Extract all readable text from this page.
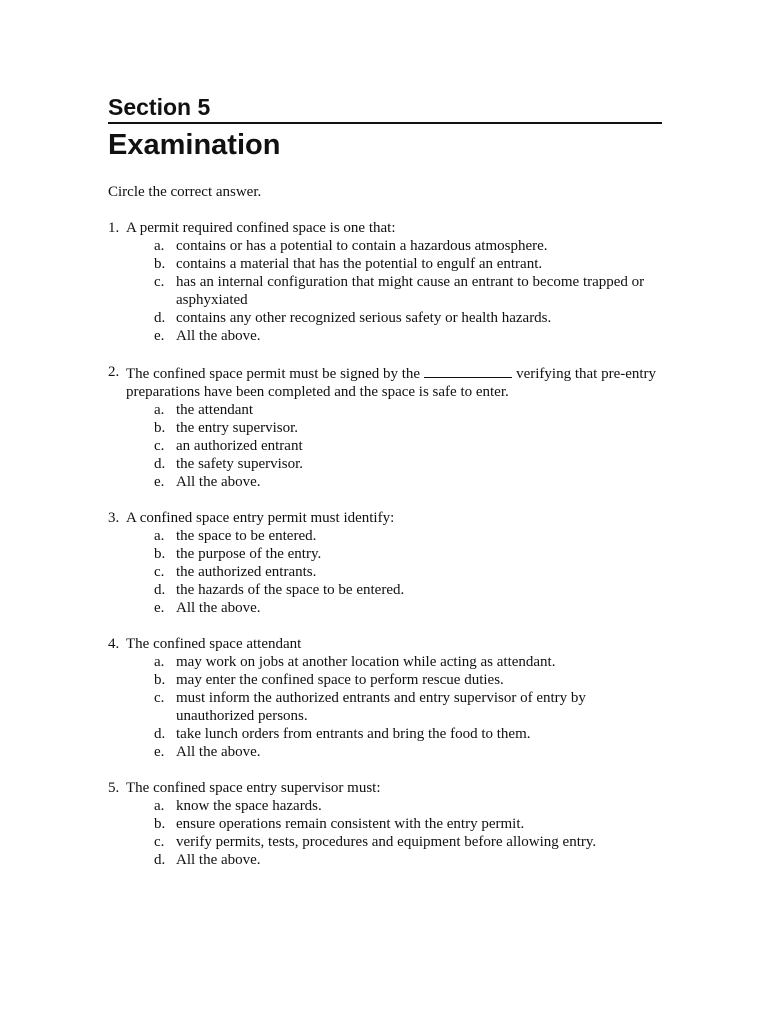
Section 5
Examination

Circle the correct answer.

1. A permit required confined space is one that:
a. contains or has a potential to contain a hazardous atmosphere.
b. contains a material that has the potential to engulf an entrant.
c. has an internal configuration that might cause an entrant to become trapped or asphyxiated
d. contains any other recognized serious safety or health hazards.
e. All the above.
2. The confined space permit must be signed by the	verifying that pre-entry preparations have been completed and the space is safe to enter.
a. the attendant
b. the entry supervisor.
c. an authorized entrant
d. the safety supervisor.
e. All the above.
3. A confined space entry permit must identify:
a. the space to be entered.
b. the purpose of the entry.
c. the authorized entrants.
d. the hazards of the space to be entered.
e. All the above.
4. The confined space attendant
a. may work on jobs at another location while acting as attendant.
b. may enter the confined space to perform rescue duties.
c. must inform the authorized entrants and entry supervisor of entry by unauthorized persons.
d. take lunch orders from entrants and bring the food to them.
e. All the above.
5. The confined space entry supervisor must:
a. know the space hazards.
b. ensure operations remain consistent with the entry permit.
c. verify permits, tests, procedures and equipment before allowing entry.
d. All the above.
